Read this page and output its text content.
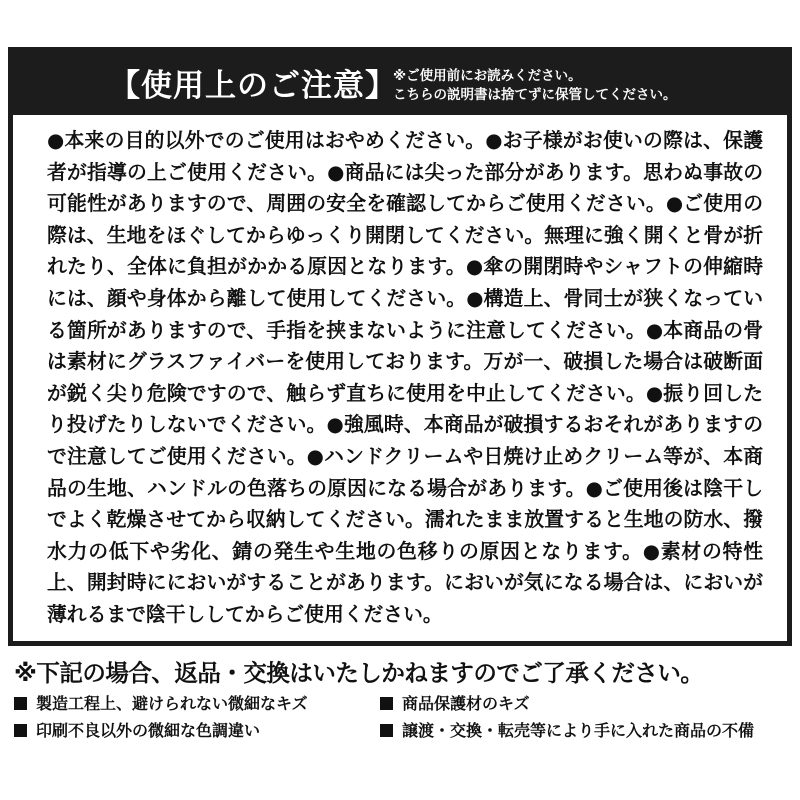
【使用上のご注意】
※ご使用前にお読みください。
こちらの説明書は捨てずに保管してください。
●本来の目的以外でのご使用はおやめください。●お子様がお使いの際は、保護者が指導の上ご使用ください。●商品には尖った部分があります。思わぬ事故の可能性がありますので、周囲の安全を確認してからご使用ください。●ご使用の際は、生地をほぐしてからゆっくり開閉してください。無理に強く開くと骨が折れたり、全体に負担がかかる原因となります。●傘の開閉時やシャフトの伸縮時には、顔や身体から離して使用してください。●構造上、骨同士が狭くなっている箇所がありますので、手指を挟まないように注意してください。●本商品の骨は素材にグラスファイバーを使用しております。万が一、破損した場合は破断面が鋭く尖り危険ですので、触らず直ちに使用を中止してください。●振り回したり投げたりしないでください。●強風時、本商品が破損するおそれがありますので注意してご使用ください。●ハンドクリームや日焼け止めクリーム等が、本商品の生地、ハンドルの色落ちの原因になる場合があります。●ご使用後は陰干しでよく乾燥させてから収納してください。濡れたまま放置すると生地の防水、撥水力の低下や劣化、錆の発生や生地の色移りの原因となります。●素材の特性上、開封時ににおいがすることがあります。においが気になる場合は、においが薄れるまで陰干ししてからご使用ください。
※下記の場合、返品・交換はいたしかねますのでご了承ください。
製造工程上、避けられない微細なキズ	商品保護材のキズ
印刷不良以外の微細な色調違い	譲渡・交換・転売等により手に入れた商品の不備
